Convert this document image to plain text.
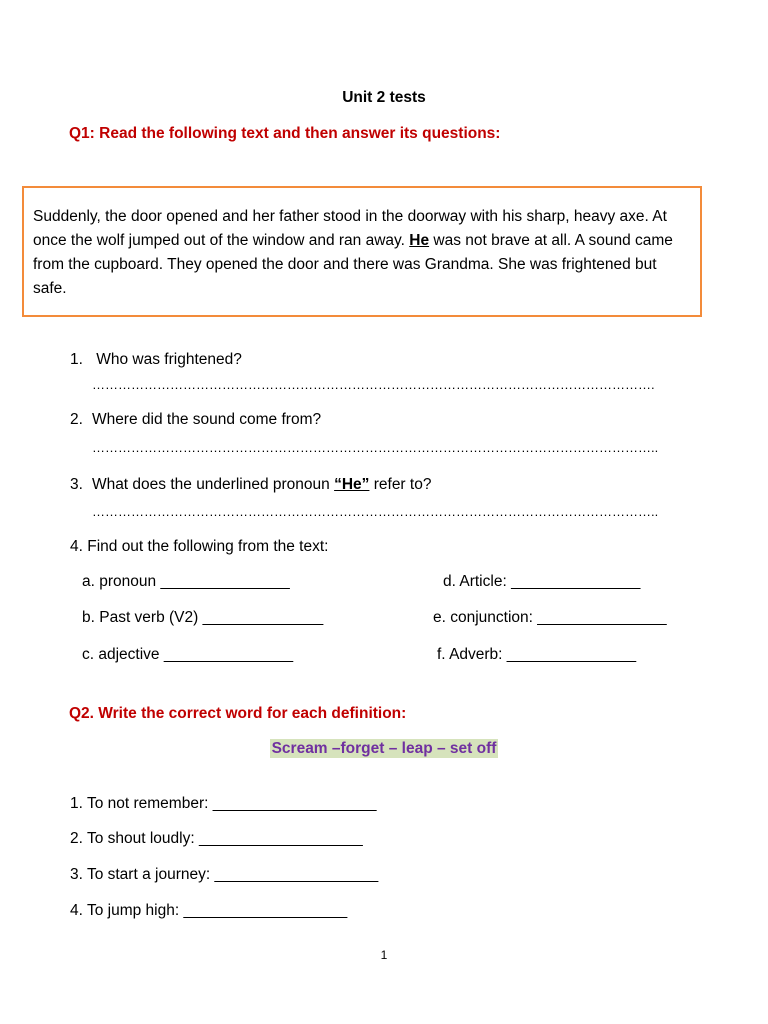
Unit 2 tests
Q1: Read the following text and then answer its questions:
Suddenly, the door opened and her father stood in the doorway with his sharp, heavy axe. At once the wolf jumped out of the window and ran away. He was not brave at all. A sound came from the cupboard. They opened the door and there was Grandma. She was frightened but safe.
1. Who was frightened?
………………………………………………………………………………………………………………….
2. Where did the sound come from?
…………………………………………………………………………………………………………………..
3. What does the underlined pronoun “He” refer to?
…………………………………………………………………………………………………………………..
4. Find out the following from the text:
a. pronoun _______________
b. Past verb (V2) ______________
c. adjective _______________
d. Article: _______________
e. conjunction: _______________
f. Adverb: _______________
Q2. Write the correct word for each definition:
Scream –forget – leap – set off
1. To not remember: ___________________
2. To shout loudly: ___________________
3. To start a journey: ___________________
4. To jump high: ___________________
1
